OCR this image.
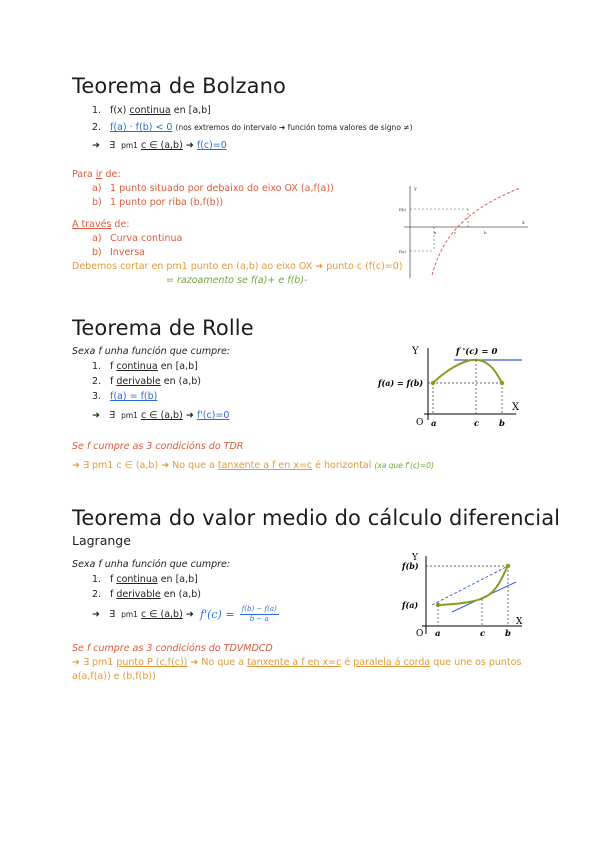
Teorema de Bolzano
1. f(x) continua en [a,b]
2. f(a) · f(b) < 0 (nos extremos do intervalo ➜ función toma valores de signo ≠)
➜ ∃ pm1 c ∈ (a,b) ➜ f(c)=0
Para ir de:
a) 1 punto situado por debaixo do eixo OX (a,f(a))
b) 1 punto por riba (b,f(b))
A través de:
a) Curva continua
b) Inversa
Debemos cortar en pm1 punto en (a,b) ao eixo OX ➜ punto c (f(c)=0)
= razoamento se f(a)+ e f(b)-
y
x
f(b)
f(a)
a	c	b
Teorema de Rolle
Sexa f unha función que cumpre:
1. f continua en [a,b]
2. f derivable en (a,b)
3. f(a) = f(b)
➜ ∃ pm1 c ∈ (a,b) ➜ f'(c)=0
Se f cumpre as 3 condicións do TDR
➜ ∃ pm1 c ∈ (a,b) ➜ No que a tanxente a f en x=c é horizontal (xa que f'(c)=0)
Y
X
f '(c) = 0
f(a) = f(b)
O a	c b
Teorema do valor medio do cálculo diferencial
Lagrange
Sexa f unha función que cumpre:
1. f continua en [a,b]
2. f derivable en (a,b)
➜ ∃ pm1 c ∈ (a,b) ➜ $f'(c) = \frac{f(b) - f(a)}{b - a}$
Se f cumpre as 3 condicións do TDVMDCD
➜ ∃ pm1 punto P (c,f(c)) ➜ No que a tanxente a f en x=c é paralela á corda que une os puntos
a(a,f(a)) e (b,f(b))
Y
X
f(b)
f(a)
O a	c b
